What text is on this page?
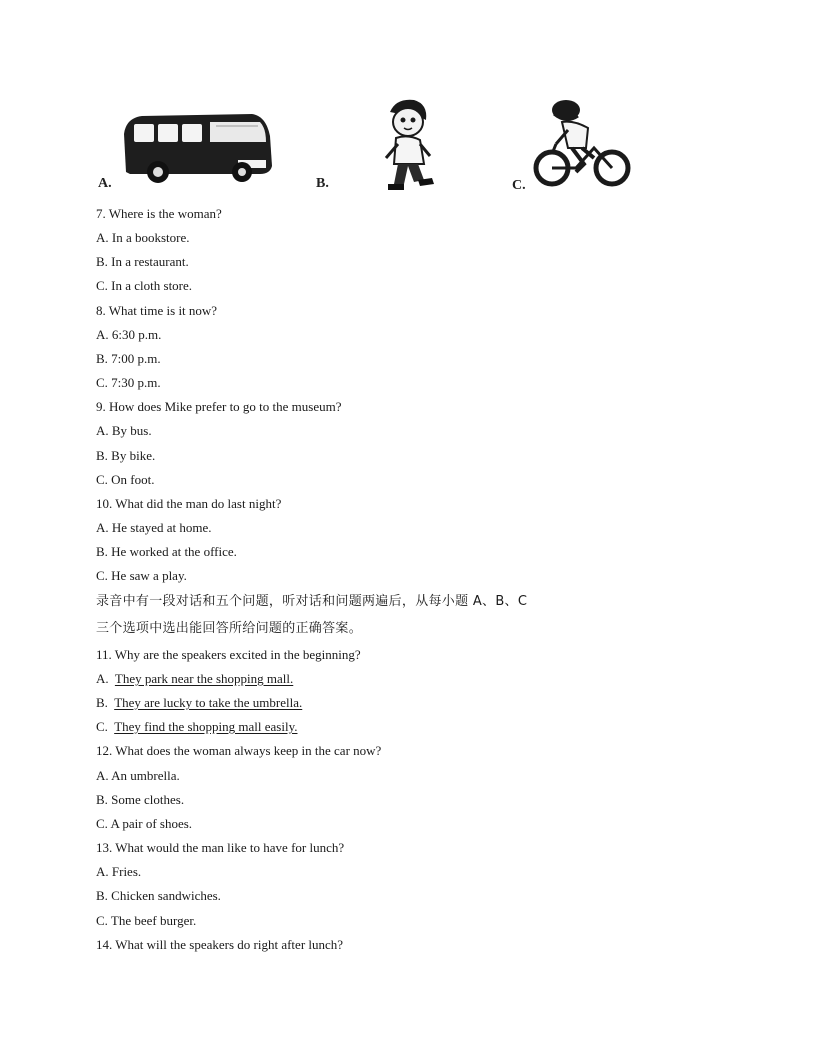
A.	B.	C.
7. Where is the woman?
A. In a bookstore.
B. In a restaurant.
C. In a cloth store.
8. What time is it now?
A. 6:30 p.m.
B. 7:00 p.m.
C. 7:30 p.m.
9. How does Mike prefer to go to the museum?
A. By bus.
B. By bike.
C. On foot.
10. What did the man do last night?
A. He stayed at home.
B. He worked at the office.
C. He saw a play.
录音中有一段对话和五个问题，听对话和问题两遍后，从每小题 A、B、C
三个选项中选出能回答所给问题的正确答案。
11. Why are the speakers excited in the beginning?
A. They park near the shopping mall.
B. They are lucky to take the umbrella.
C. They find the shopping mall easily.
12. What does the woman always keep in the car now?
A. An umbrella.
B. Some clothes.
C. A pair of shoes.
13. What would the man like to have for lunch?
A. Fries.
B. Chicken sandwiches.
C. The beef burger.
14. What will the speakers do right after lunch?
